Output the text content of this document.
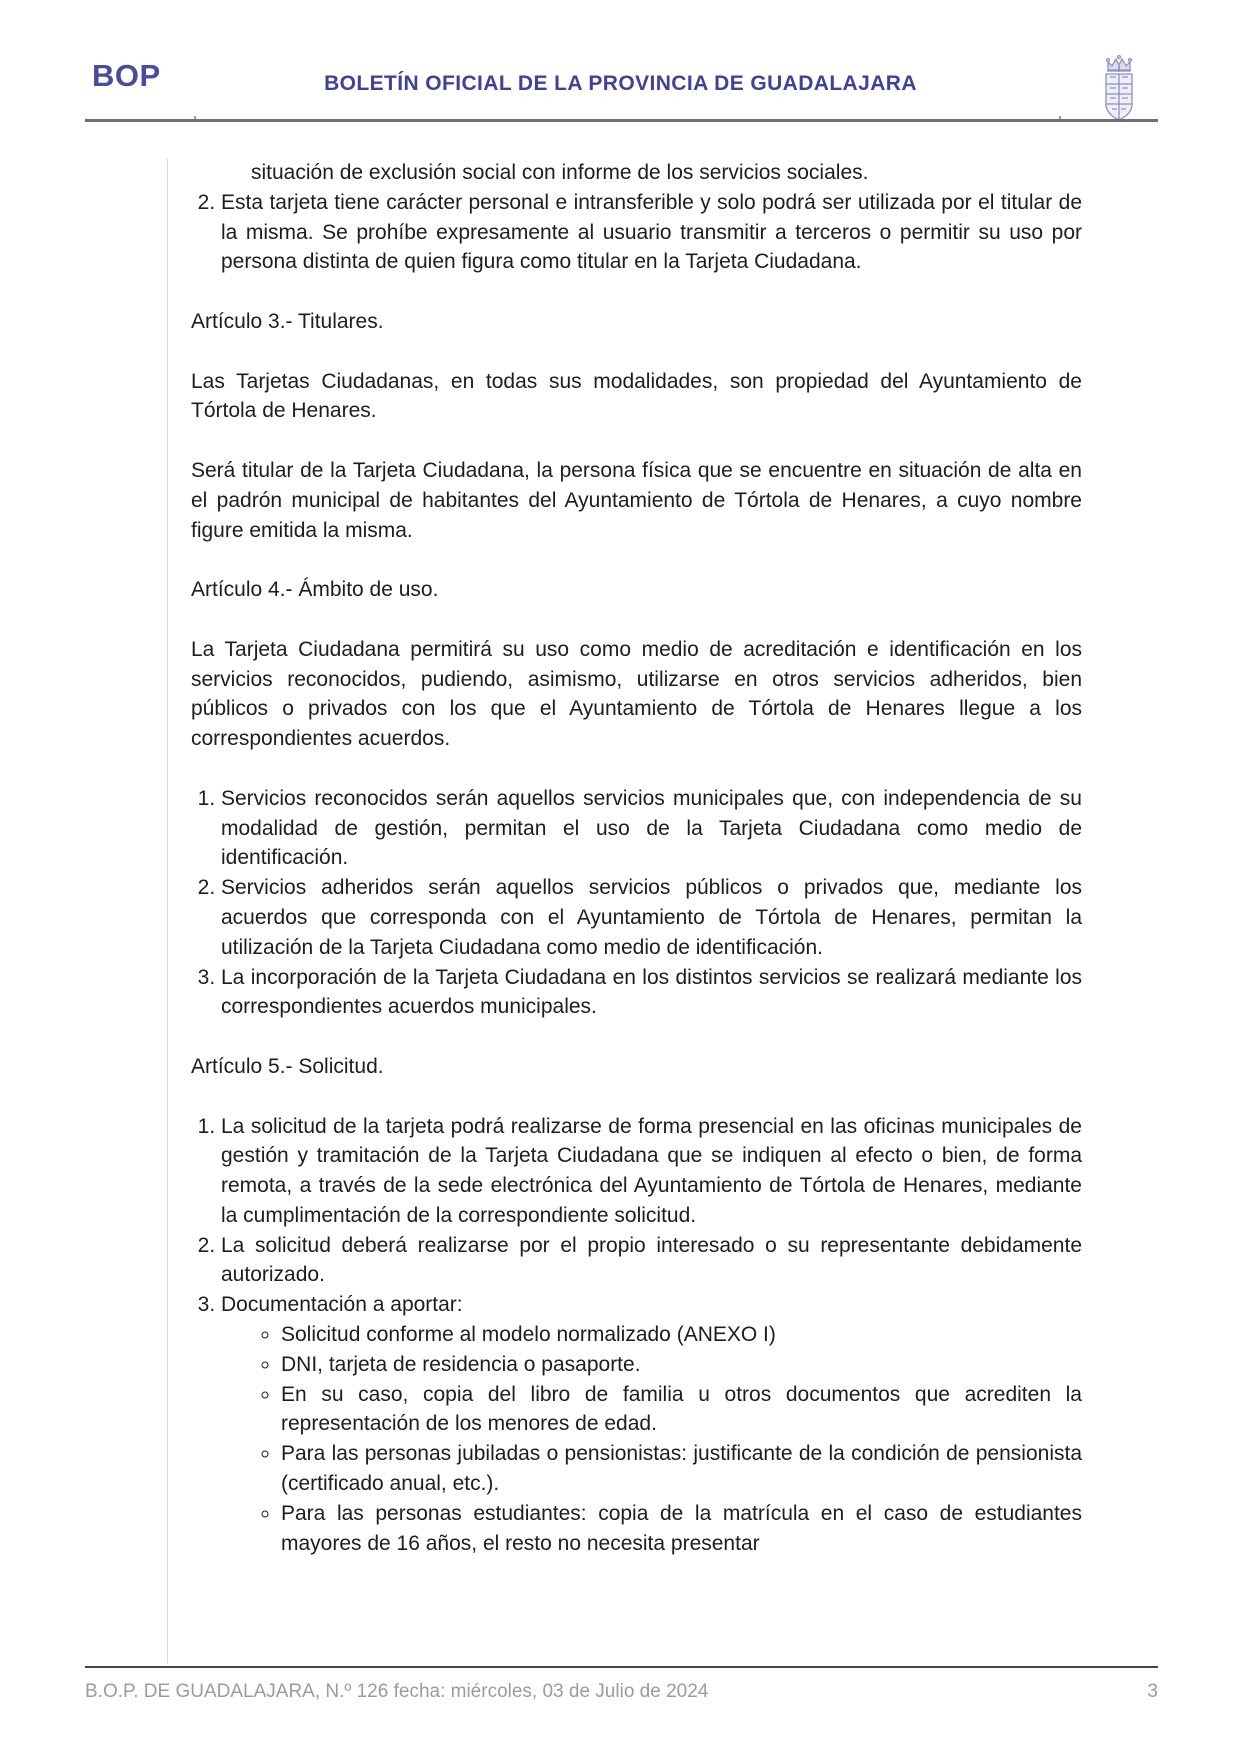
BOP	BOLETÍN OFICIAL DE LA PROVINCIA DE GUADALAJARA

situación de exclusión social con informe de los servicios sociales.

2. Esta tarjeta tiene carácter personal e intransferible y solo podrá ser utilizada por el titular de la misma. Se prohíbe expresamente al usuario transmitir a terceros o permitir su uso por persona distinta de quien figura como titular en la Tarjeta Ciudadana.

Artículo 3.- Titulares.

Las Tarjetas Ciudadanas, en todas sus modalidades, son propiedad del Ayuntamiento de Tórtola de Henares.

Será titular de la Tarjeta Ciudadana, la persona física que se encuentre en situación de alta en el padrón municipal de habitantes del Ayuntamiento de Tórtola de Henares, a cuyo nombre figure emitida la misma.

Artículo 4.- Ámbito de uso.

La Tarjeta Ciudadana permitirá su uso como medio de acreditación e identificación en los servicios reconocidos, pudiendo, asimismo, utilizarse en otros servicios adheridos, bien públicos o privados con los que el Ayuntamiento de Tórtola de Henares llegue a los correspondientes acuerdos.

1. Servicios reconocidos serán aquellos servicios municipales que, con independencia de su modalidad de gestión, permitan el uso de la Tarjeta Ciudadana como medio de identificación.
2. Servicios adheridos serán aquellos servicios públicos o privados que, mediante los acuerdos que corresponda con el Ayuntamiento de Tórtola de Henares, permitan la utilización de la Tarjeta Ciudadana como medio de identificación.
3. La incorporación de la Tarjeta Ciudadana en los distintos servicios se realizará mediante los correspondientes acuerdos municipales.

Artículo 5.- Solicitud.

1. La solicitud de la tarjeta podrá realizarse de forma presencial en las oficinas municipales de gestión y tramitación de la Tarjeta Ciudadana que se indiquen al efecto o bien, de forma remota, a través de la sede electrónica del Ayuntamiento de Tórtola de Henares, mediante la cumplimentación de la correspondiente solicitud.
2. La solicitud deberá realizarse por el propio interesado o su representante debidamente autorizado.
3. Documentación a aportar:
◦ Solicitud conforme al modelo normalizado (ANEXO I)
◦ DNI, tarjeta de residencia o pasaporte.
◦ En su caso, copia del libro de familia u otros documentos que acrediten la representación de los menores de edad.
◦ Para las personas jubiladas o pensionistas: justificante de la condición de pensionista (certificado anual, etc.).
◦ Para las personas estudiantes: copia de la matrícula en el caso de estudiantes mayores de 16 años, el resto no necesita presentar
B.O.P. DE GUADALAJARA, N.º 126 fecha: miércoles, 03 de Julio de 2024	3
